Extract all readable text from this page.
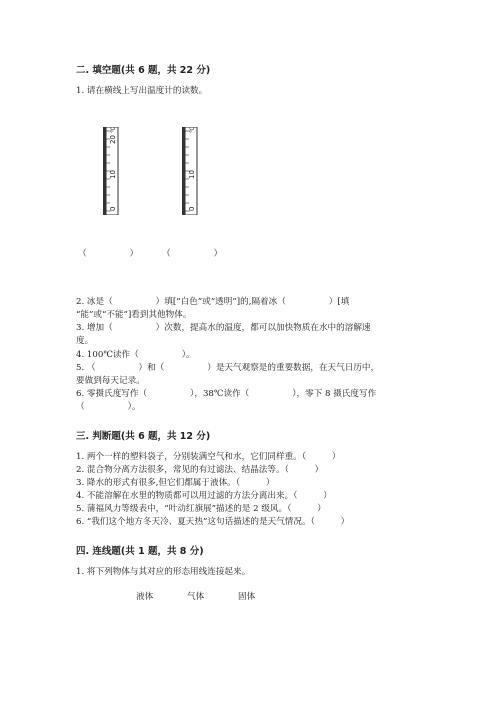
二. 填空题(共 6 题，共 22 分)
1. 请在横线上写出温度计的读数。
20
10
0
℃
10
0
℃
（　　　　　）	（　　　　　）
2. 冰是（　　　　　）填[“白色”或“透明”]的,隔着冰（　　　　　）[填
“能”或“不能”]看到其他物体。
3. 增加（　　　　　）次数，提高水的温度，都可以加快物质在水中的溶解速
度。
4. 100℃读作（　　　　　）。
5. （　　　　　）和（　　　　　）是天气观察是的重要数据，在天气日历中，
要做到每天记录。
6. 零摄氏度写作（　　　　　），38℃读作（　　　　　），零下 8 摄氏度写作
（　　　　　）。
三. 判断题(共 6 题，共 12 分)
1. 两个一样的塑料袋子，分别装满空气和水，它们同样重。（　　　）
2. 混合物分离方法很多，常见的有过滤法、结晶法等。（　　　）
3. 降水的形式有很多,但它们都属于液体。（　　　）
4. 不能溶解在水里的物质都可以用过滤的方法分离出来。（　　　）
5. 蒲福风力等级表中，“叶动红旗展”描述的是 2 级风。（　　　）
6. “我们这个地方冬天冷、夏天热”这句话描述的是天气情况。（　　　）
四. 连线题(共 1 题，共 8 分)
1. 将下列物体与其对应的形态用线连接起来。
液体	气体	固体
